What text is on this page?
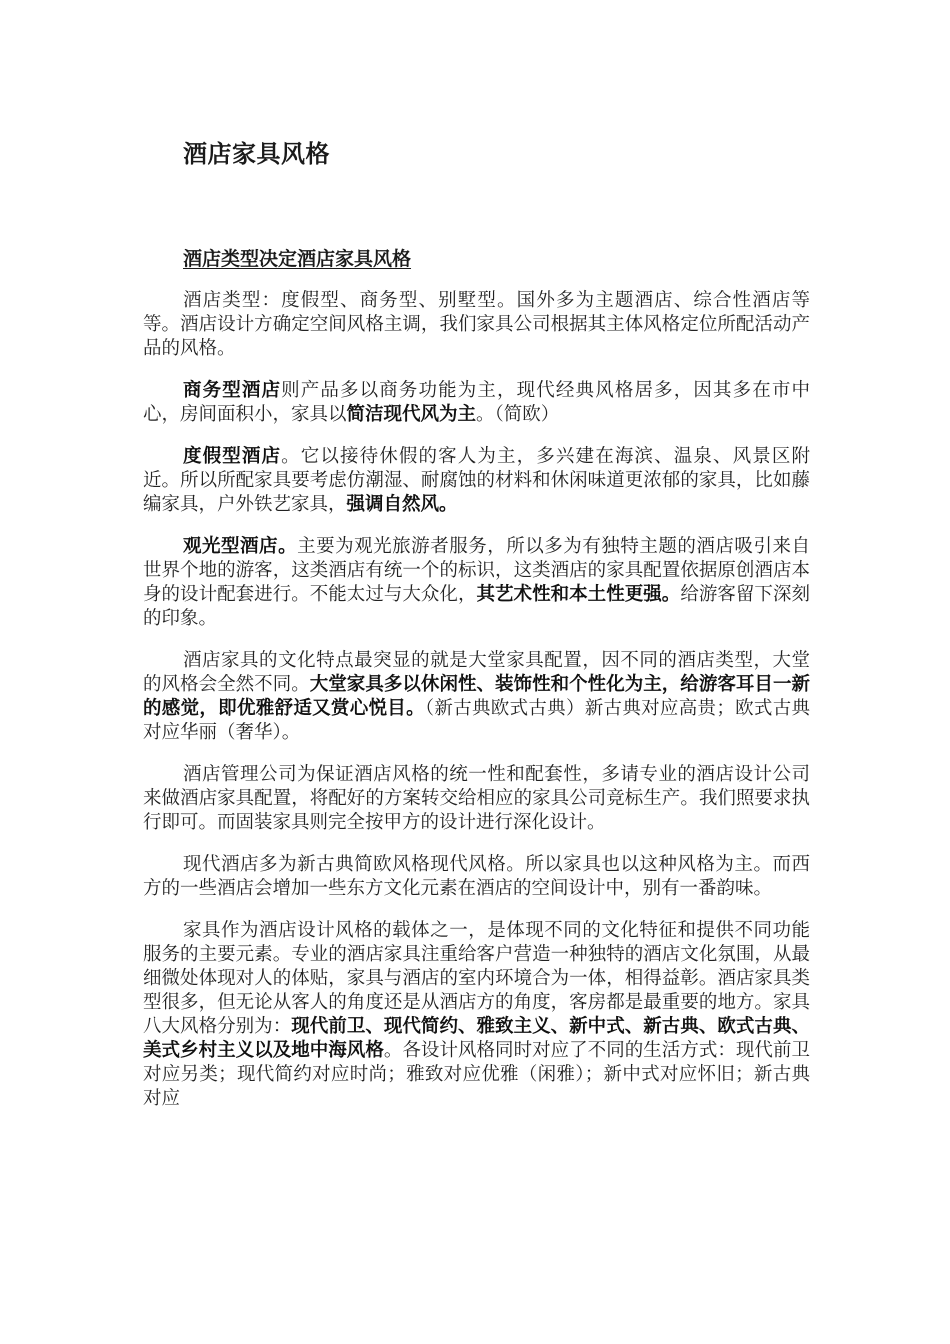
酒店家具风格
酒店类型决定酒店家具风格

酒店类型：度假型、商务型、别墅型。国外多为主题酒店、综合性酒店等等。酒店设计方确定空间风格主调，我们家具公司根据其主体风格定位所配活动产品的风格。

商务型酒店则产品多以商务功能为主，现代经典风格居多，因其多在市中心，房间面积小，家具以简洁现代风为主。（简欧）

度假型酒店。它以接待休假的客人为主，多兴建在海滨、温泉、风景区附近。所以所配家具要考虑仿潮湿、耐腐蚀的材料和休闲味道更浓郁的家具，比如藤编家具，户外铁艺家具，强调自然风。

观光型酒店。主要为观光旅游者服务，所以多为有独特主题的酒店吸引来自世界个地的游客，这类酒店有统一个的标识，这类酒店的家具配置依据原创酒店本身的设计配套进行。不能太过与大众化，其艺术性和本土性更强。给游客留下深刻的印象。

酒店家具的文化特点最突显的就是大堂家具配置，因不同的酒店类型，大堂的风格会全然不同。大堂家具多以休闲性、装饰性和个性化为主，给游客耳目一新的感觉，即优雅舒适又赏心悦目。（新古典欧式古典）新古典对应高贵；欧式古典对应华丽（奢华）。

酒店管理公司为保证酒店风格的统一性和配套性，多请专业的酒店设计公司来做酒店家具配置，将配好的方案转交给相应的家具公司竞标生产。我们照要求执行即可。而固装家具则完全按甲方的设计进行深化设计。

现代酒店多为新古典简欧风格现代风格。所以家具也以这种风格为主。而西方的一些酒店会增加一些东方文化元素在酒店的空间设计中，别有一番韵味。

家具作为酒店设计风格的载体之一，是体现不同的文化特征和提供不同功能服务的主要元素。专业的酒店家具注重给客户营造一种独特的酒店文化氛围，从最细微处体现对人的体贴，家具与酒店的室内环境合为一体，相得益彰。酒店家具类型很多，但无论从客人的角度还是从酒店方的角度，客房都是最重要的地方。家具八大风格分别为：现代前卫、现代简约、雅致主义、新中式、新古典、欧式古典、美式乡村主义以及地中海风格。各设计风格同时对应了不同的生活方式：现代前卫对应另类；现代简约对应时尚；雅致对应优雅（闲雅）；新中式对应怀旧；新古典对应
